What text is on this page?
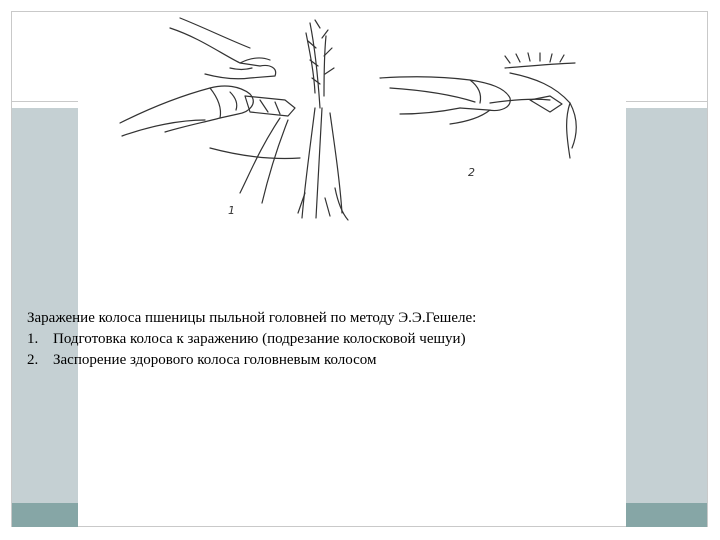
1
2
Заражение колоса пшеницы пыльной головней по методу Э.Э.Гешеле:
1. Подготовка колоса к заражению (подрезание колосковой чешуи)
2. Заспорение здорового колоса головневым колосом
